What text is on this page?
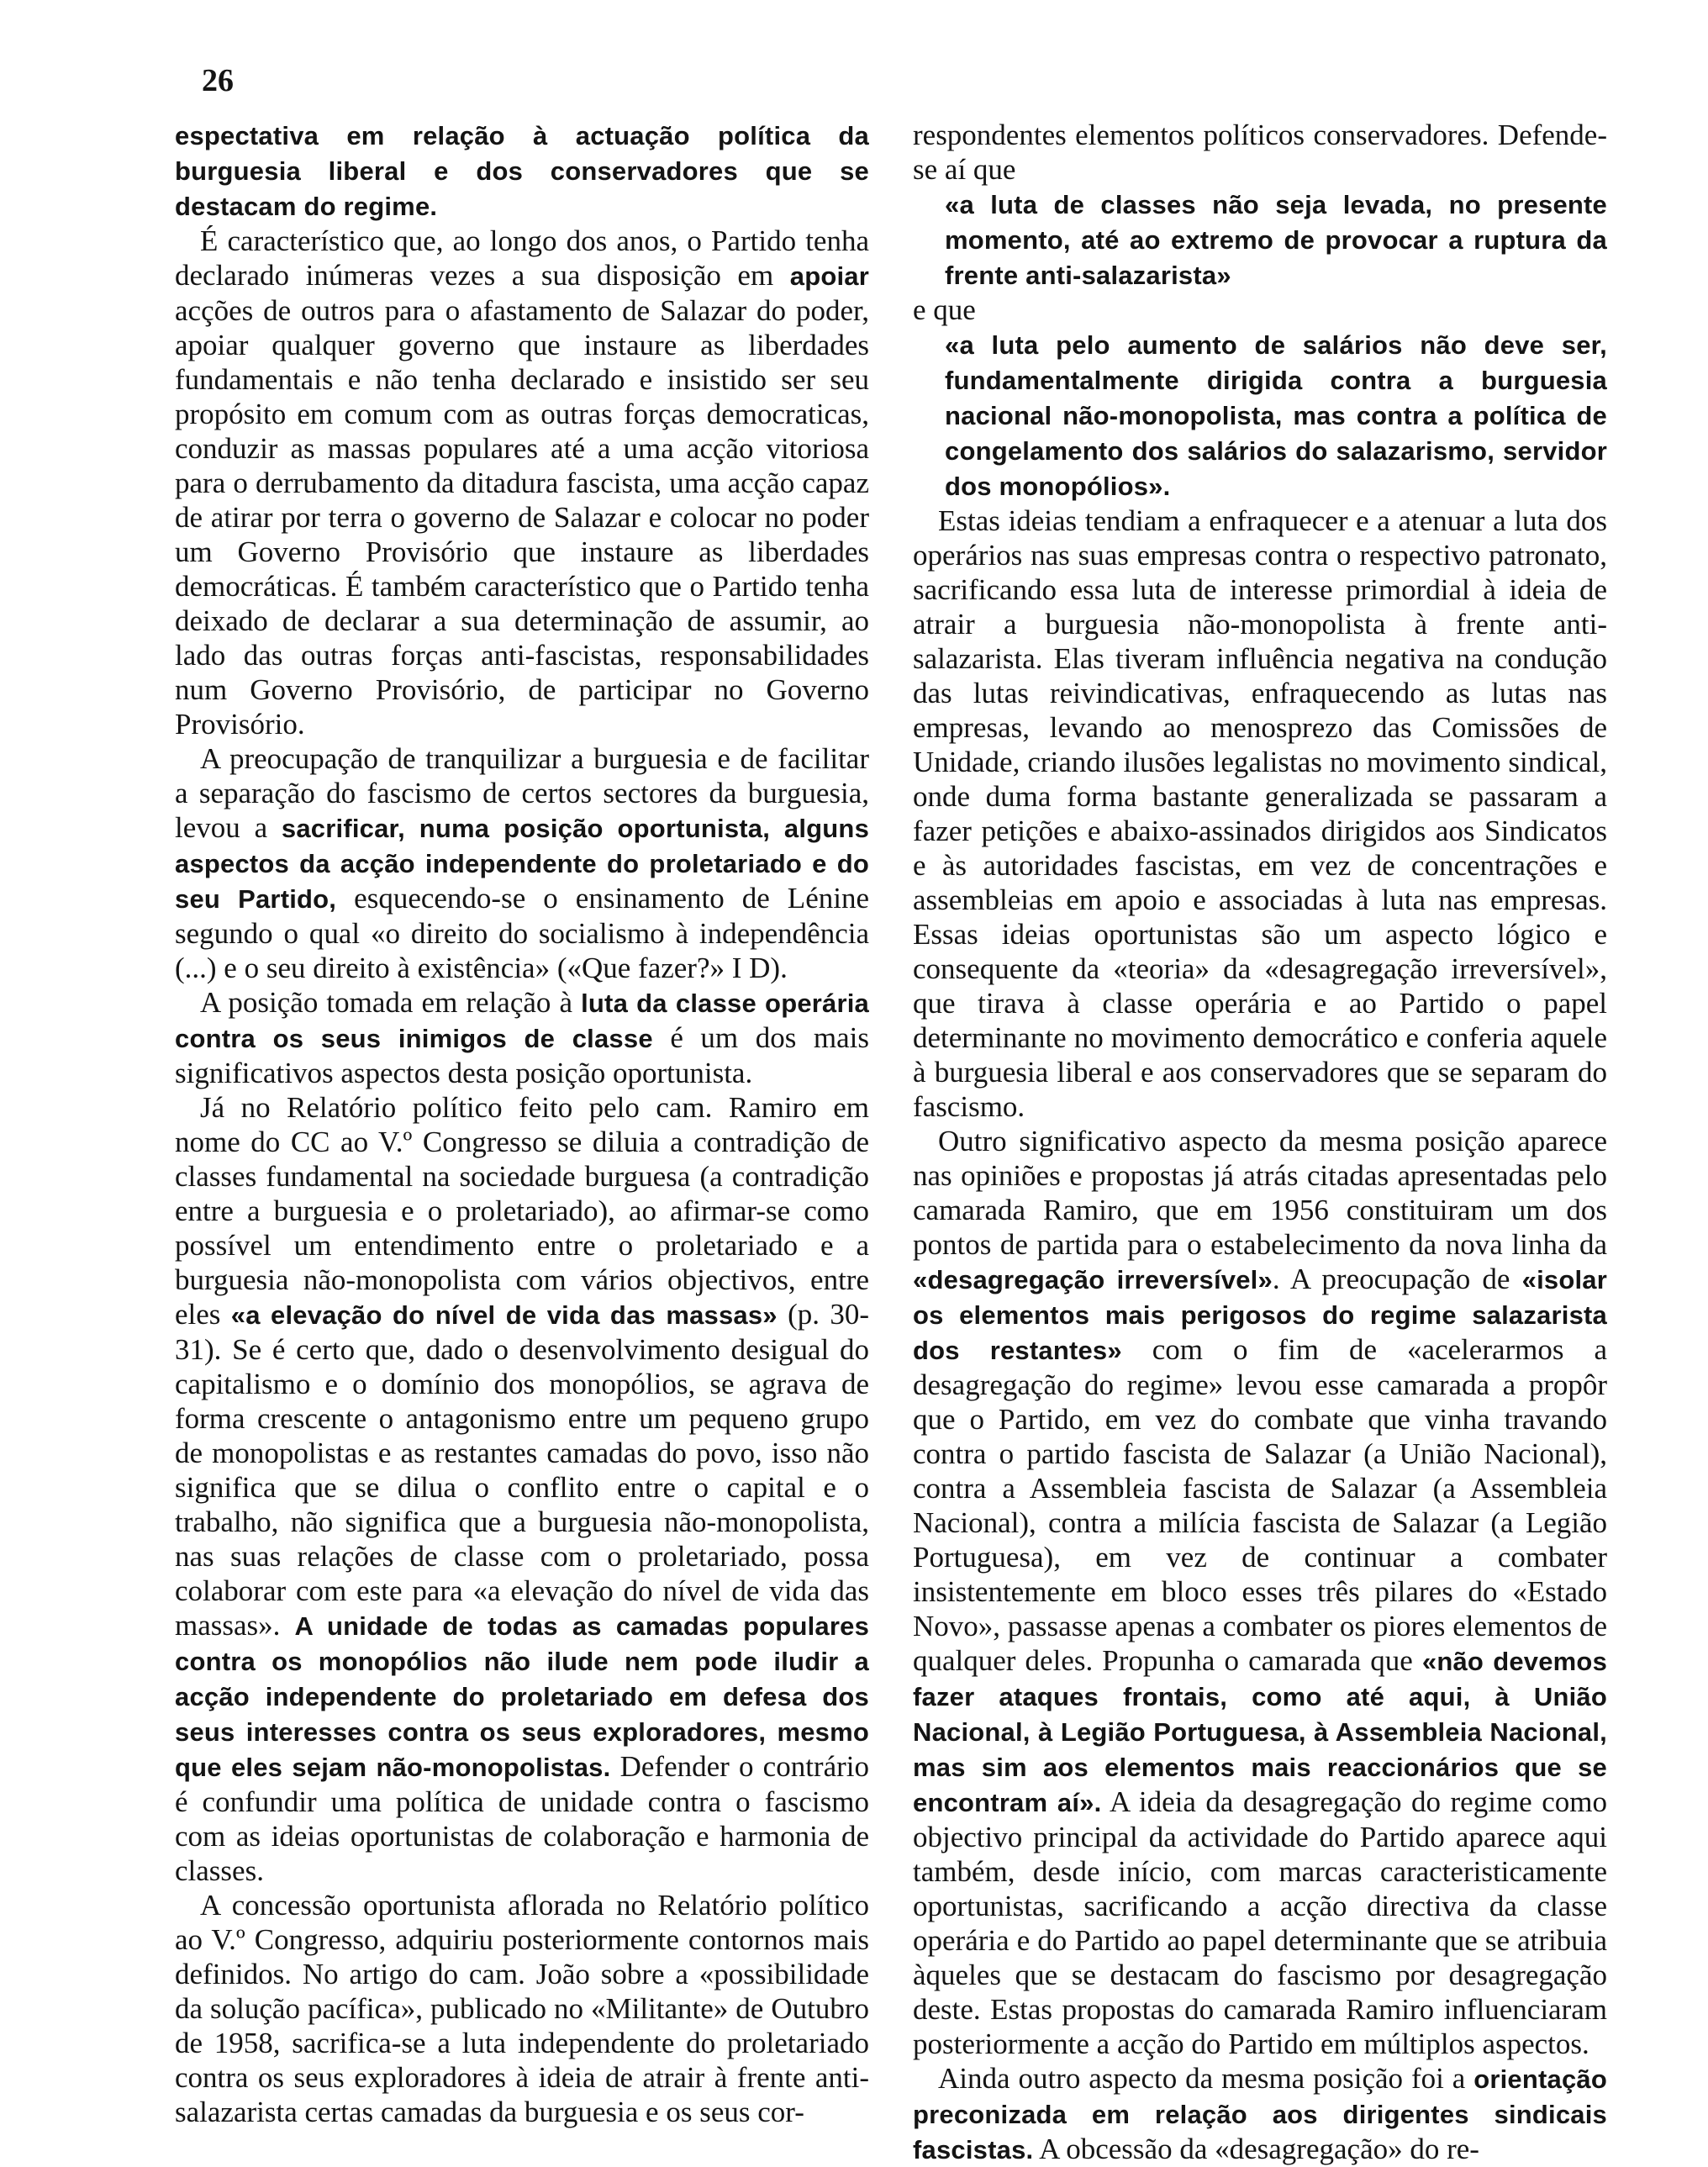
26

espectativa em relação à actuação política da burguesia liberal e dos conservadores que se destacam do regime.

É característico que, ao longo dos anos, o Partido tenha declarado inúmeras vezes a sua disposição em apoiar acções de outros para o afastamento de Salazar do poder, apoiar qualquer governo que instaure as liberdades fundamentais e não tenha declarado e insistido ser seu propósito em comum com as outras forças democraticas, conduzir as massas populares até a uma acção vitoriosa para o derrubamento da ditadura fascista, uma acção capaz de atirar por terra o governo de Salazar e colocar no poder um Governo Provisório que instaure as liberdades democráticas. É também característico que o Partido tenha deixado de declarar a sua determinação de assumir, ao lado das outras forças anti-fascistas, responsabilidades num Governo Provisório, de participar no Governo Provisório.

A preocupação de tranquilizar a burguesia e de facilitar a separação do fascismo de certos sectores da burguesia, levou a sacrificar, numa posição oportunista, alguns aspectos da acção independente do proletariado e do seu Partido, esquecendo-se o ensinamento de Lénine segundo o qual «o direito do socialismo à independência (...) e o seu direito à existência» («Que fazer?» I D).

A posição tomada em relação à luta da classe operária contra os seus inimigos de classe é um dos mais significativos aspectos desta posição oportunista.

Já no Relatório político feito pelo cam. Ramiro em nome do CC ao V.º Congresso se diluia a contradição de classes fundamental na sociedade burguesa (a contradição entre a burguesia e o proletariado), ao afirmar-se como possível um entendimento entre o proletariado e a burguesia não-monopolista com vários objectivos, entre eles «a elevação do nível de vida das massas» (p. 30-31). Se é certo que, dado o desenvolvimento desigual do capitalismo e o domínio dos monopólios, se agrava de forma crescente o antagonismo entre um pequeno grupo de monopolistas e as restantes camadas do povo, isso não significa que se dilua o conflito entre o capital e o trabalho, não significa que a burguesia não-monopolista, nas suas relações de classe com o proletariado, possa colaborar com este para «a elevação do nível de vida das massas». A unidade de todas as camadas populares contra os monopólios não ilude nem pode iludir a acção independente do proletariado em defesa dos seus interesses contra os seus exploradores, mesmo que eles sejam não-monopolistas. Defender o contrário é confundir uma política de unidade contra o fascismo com as ideias oportunistas de colaboração e harmonia de classes.

A concessão oportunista aflorada no Relatório político ao V.º Congresso, adquiriu posteriormente contornos mais definidos. No artigo do cam. João sobre a «possibilidade da solução pacífica», publicado no «Militante» de Outubro de 1958, sacrifica-se a luta independente do proletariado contra os seus exploradores à ideia de atrair à frente anti-salazarista certas camadas da burguesia e os seus cor-

respondentes elementos políticos conservadores. Defende-se aí que

«a luta de classes não seja levada, no presente momento, até ao extremo de provocar a ruptura da frente anti-salazarista»

e que

«a luta pelo aumento de salários não deve ser, fundamentalmente dirigida contra a burguesia nacional não-monopolista, mas contra a política de congelamento dos salários do salazarismo, servidor dos monopólios».

Estas ideias tendiam a enfraquecer e a atenuar a luta dos operários nas suas empresas contra o respectivo patronato, sacrificando essa luta de interesse primordial à ideia de atrair a burguesia não-monopolista à frente anti-salazarista. Elas tiveram influência negativa na condução das lutas reivindicativas, enfraquecendo as lutas nas empresas, levando ao menosprezo das Comissões de Unidade, criando ilusões legalistas no movimento sindical, onde duma forma bastante generalizada se passaram a fazer petições e abaixo-assinados dirigidos aos Sindicatos e às autoridades fascistas, em vez de concentrações e assembleias em apoio e associadas à luta nas empresas. Essas ideias oportunistas são um aspecto lógico e consequente da «teoria» da «desagregação irreversível», que tirava à classe operária e ao Partido o papel determinante no movimento democrático e conferia aquele à burguesia liberal e aos conservadores que se separam do fascismo.

Outro significativo aspecto da mesma posição aparece nas opiniões e propostas já atrás citadas apresentadas pelo camarada Ramiro, que em 1956 constituiram um dos pontos de partida para o estabelecimento da nova linha da «desagregação irreversível». A preocupação de «isolar os elementos mais perigosos do regime salazarista dos restantes» com o fim de «acelerarmos a desagregação do regime» levou esse camarada a propôr que o Partido, em vez do combate que vinha travando contra o partido fascista de Salazar (a União Nacional), contra a Assembleia fascista de Salazar (a Assembleia Nacional), contra a milícia fascista de Salazar (a Legião Portuguesa), em vez de continuar a combater insistentemente em bloco esses três pilares do «Estado Novo», passasse apenas a combater os piores elementos de qualquer deles. Propunha o camarada que «não devemos fazer ataques frontais, como até aqui, à União Nacional, à Legião Portuguesa, à Assembleia Nacional, mas sim aos elementos mais reaccionários que se encontram aí». A ideia da desagregação do regime como objectivo principal da actividade do Partido aparece aqui também, desde início, com marcas caracteristicamente oportunistas, sacrificando a acção directiva da classe operária e do Partido ao papel determinante que se atribuia àqueles que se destacam do fascismo por desagregação deste. Estas propostas do camarada Ramiro influenciaram posteriormente a acção do Partido em múltiplos aspectos.

Ainda outro aspecto da mesma posição foi a orientação preconizada em relação aos dirigentes sindicais fascistas. A obcessão da «desagregação» do re-
